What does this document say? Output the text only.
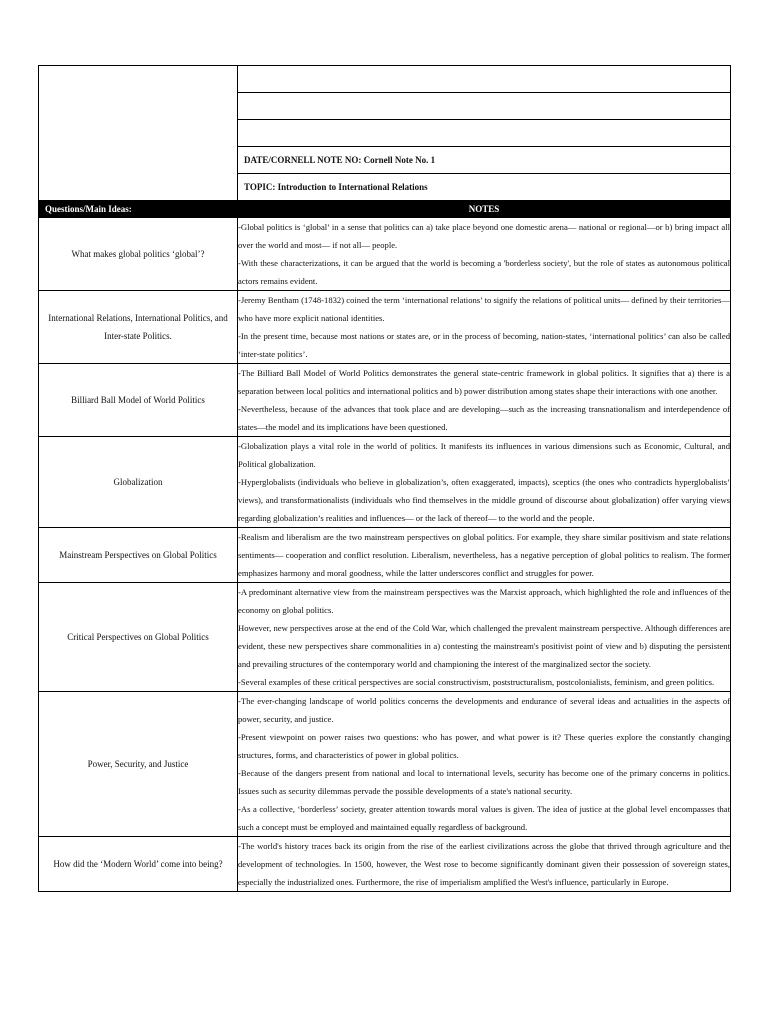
	DATE/CORNELL NOTE NO: Cornell Note No. 1
	TOPIC: Introduction to International Relations
Questions/Main Ideas:	NOTES
What makes global politics ‘global’?	-Global politics is ‘global’ in a sense that politics can a) take place beyond one domestic arena— national or regional—or b) bring impact all over the world and most— if not all— people.

-With these characterizations, it can be argued that the world is becoming a 'borderless society', but the role of states as autonomous political actors remains evident.

International Relations, International Politics, and Inter-state Politics.	-Jeremy Bentham (1748-1832) coined the term ‘international relations’ to signify the relations of political units— defined by their territories— who have more explicit national identities.

-In the present time, because most nations or states are, or in the process of becoming, nation-states, ‘international politics’ can also be called ‘inter-state politics’.

Billiard Ball Model of World Politics	-The Billiard Ball Model of World Politics demonstrates the general state-centric framework in global politics. It signifies that a) there is a separation between local politics and international politics and b) power distribution among states shape their interactions with one another.

-Nevertheless, because of the advances that took place and are developing—such as the increasing transnationalism and interdependence of states—the model and its implications have been questioned.

Globalization	-Globalization plays a vital role in the world of politics. It manifests its influences in various dimensions such as Economic, Cultural, and Political globalization.

-Hyperglobalists (individuals who believe in globalization’s, often exaggerated, impacts), sceptics (the ones who contradicts hyperglobalists’ views), and transformationalists (individuals who find themselves in the middle ground of discourse about globalization) offer varying views regarding globalization’s realities and influences— or the lack of thereof— to the world and the people.

Mainstream Perspectives on Global Politics	-Realism and liberalism are the two mainstream perspectives on global politics. For example, they share similar positivism and state relations sentiments— cooperation and conflict resolution. Liberalism, nevertheless, has a negative perception of global politics to realism. The former emphasizes harmony and moral goodness, while the latter underscores conflict and struggles for power.

Critical Perspectives on Global Politics	-A predominant alternative view from the mainstream perspectives was the Marxist approach, which highlighted the role and influences of the economy on global politics.

However, new perspectives arose at the end of the Cold War, which challenged the prevalent mainstream perspective. Although differences are evident, these new perspectives share commonalities in a) contesting the mainstream's positivist point of view and b) disputing the persistent and prevailing structures of the contemporary world and championing the interest of the marginalized sector the society.

-Several examples of these critical perspectives are social constructivism, poststructuralism, postcolonialists, feminism, and green politics.

Power, Security, and Justice	-The ever-changing landscape of world politics concerns the developments and endurance of several ideas and actualities in the aspects of power, security, and justice.

-Present viewpoint on power raises two questions: who has power, and what power is it? These queries explore the constantly changing structures, forms, and characteristics of power in global politics.

-Because of the dangers present from national and local to international levels, security has become one of the primary concerns in politics. Issues such as security dilemmas pervade the possible developments of a state's national security.

-As a collective, ‘borderless’ society, greater attention towards moral values is given. The idea of justice at the global level encompasses that such a concept must be employed and maintained equally regardless of background.

How did the ‘Modern World’ come into being?	-The world's history traces back its origin from the rise of the earliest civilizations across the globe that thrived through agriculture and the development of technologies. In 1500, however, the West rose to become significantly dominant given their possession of sovereign states, especially the industrialized ones. Furthermore, the rise of imperialism amplified the West's influence, particularly in Europe.
